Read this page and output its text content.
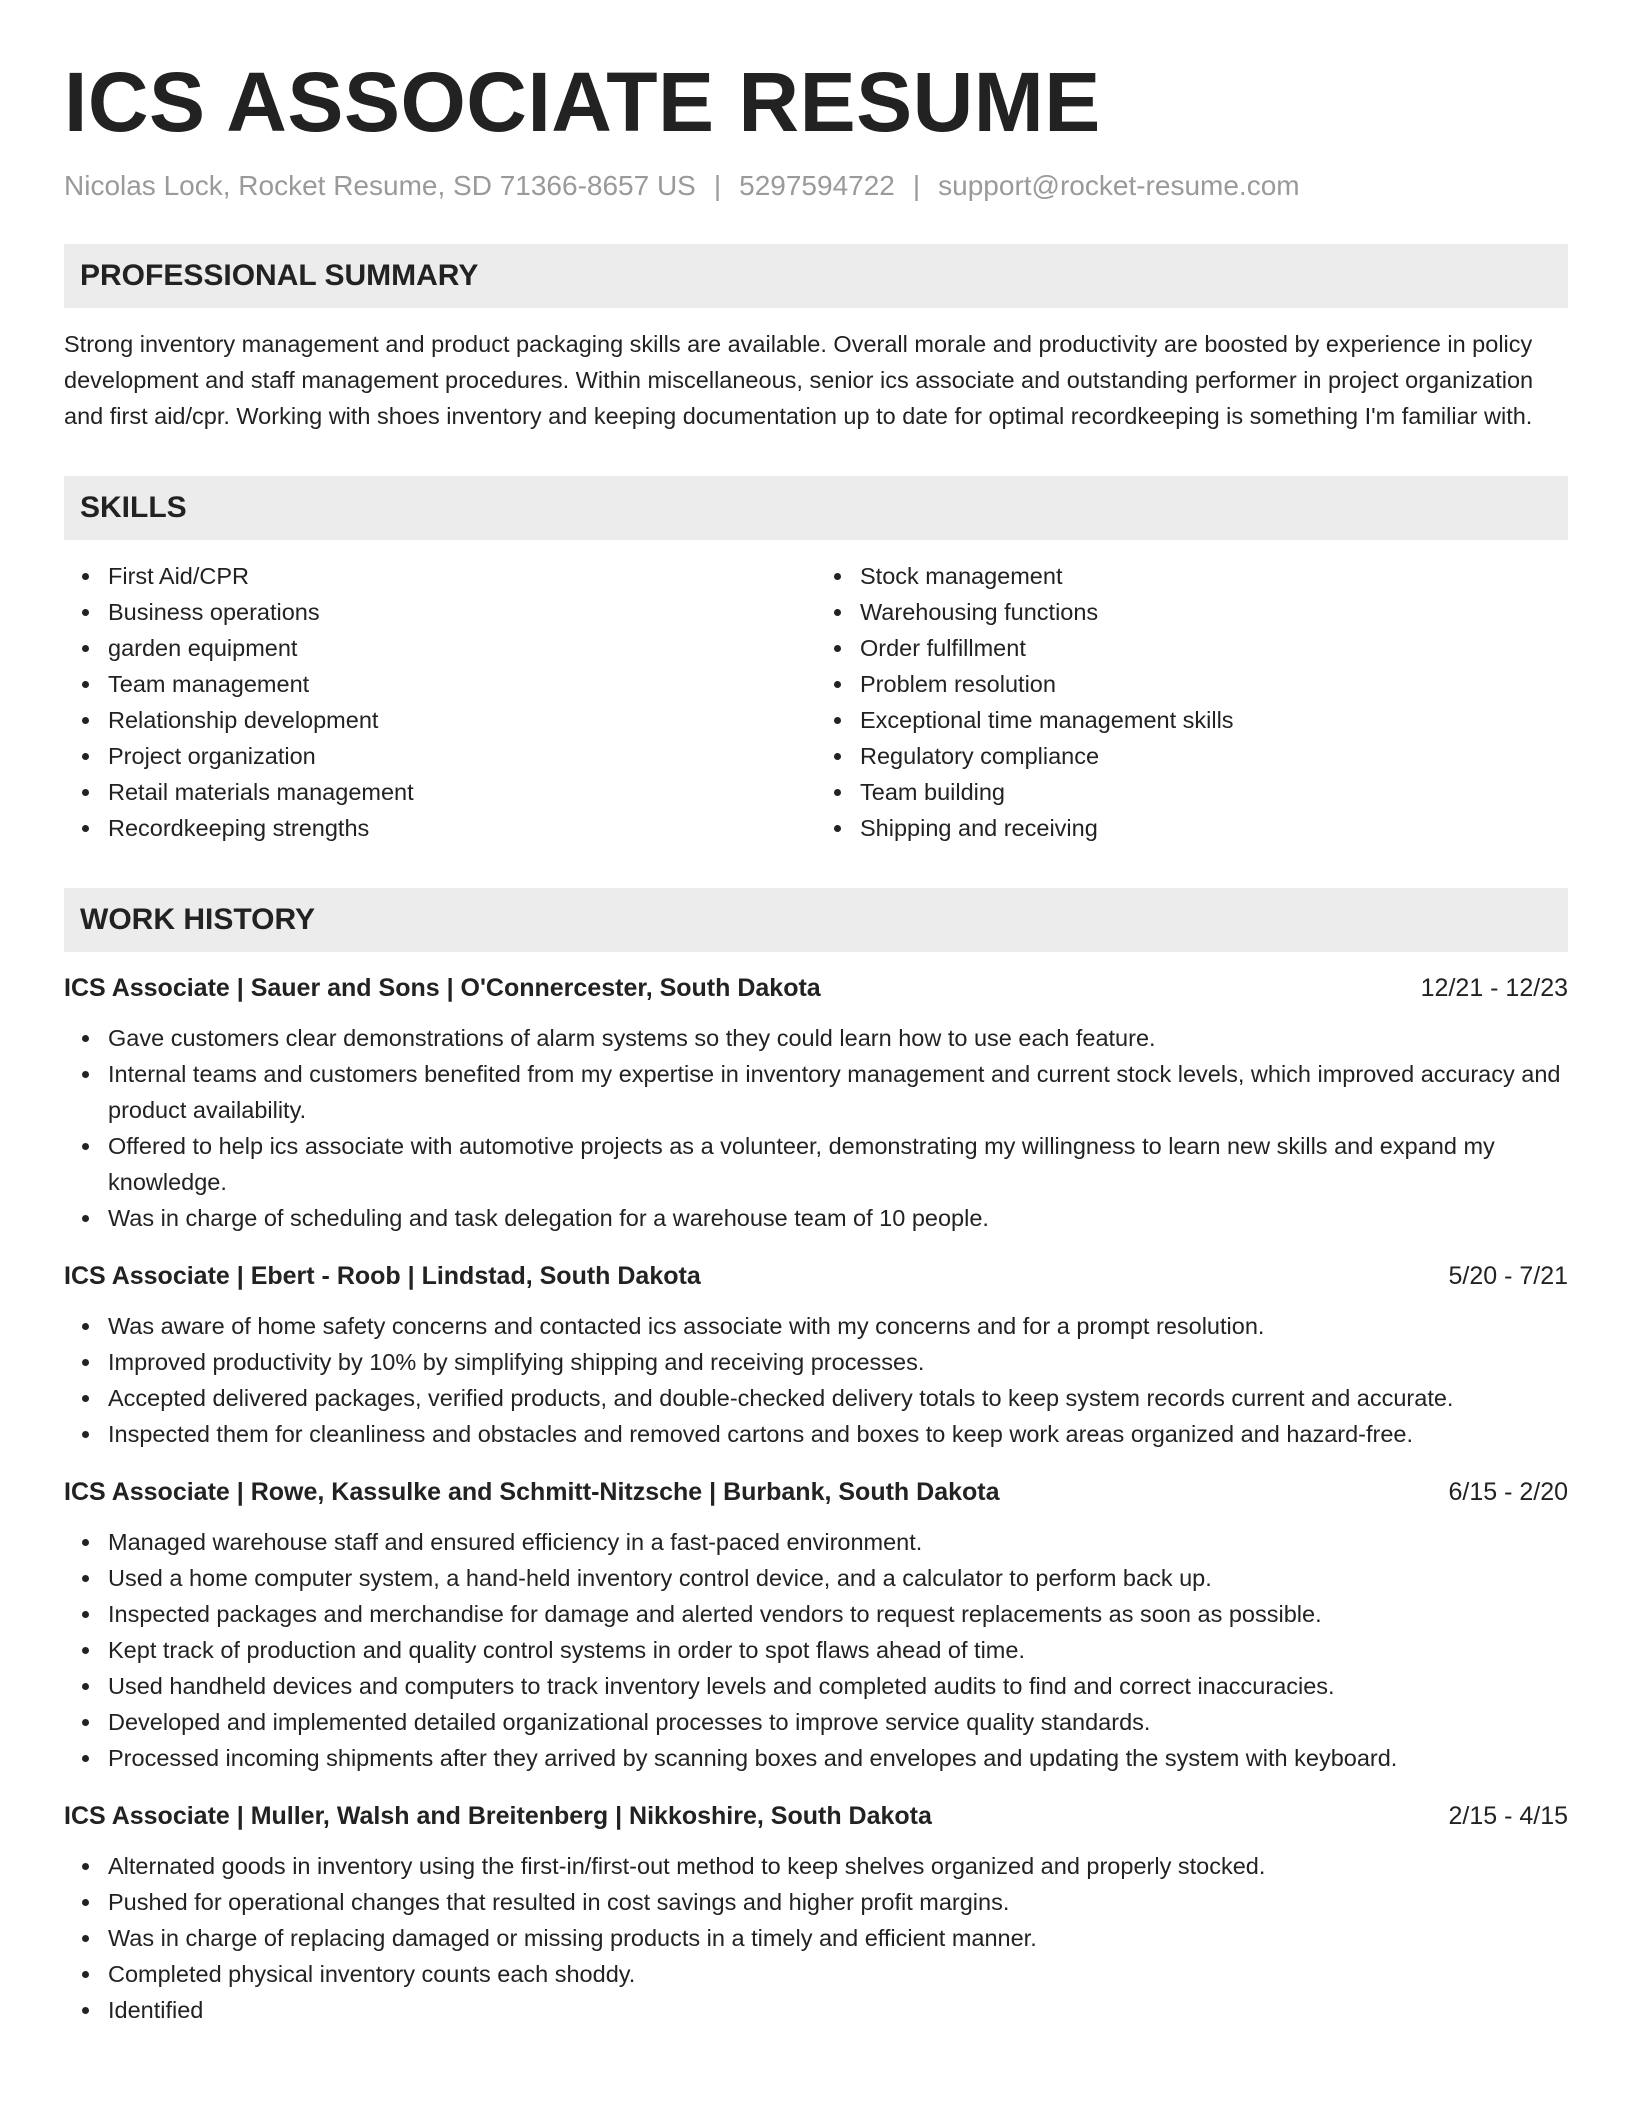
ICS ASSOCIATE RESUME
Nicolas Lock, Rocket Resume, SD 71366-8657 US | 5297594722 | support@rocket-resume.com
PROFESSIONAL SUMMARY
Strong inventory management and product packaging skills are available. Overall morale and productivity are boosted by experience in policy development and staff management procedures. Within miscellaneous, senior ics associate and outstanding performer in project organization and first aid/cpr. Working with shoes inventory and keeping documentation up to date for optimal recordkeeping is something I'm familiar with.
SKILLS
First Aid/CPR
Business operations
garden equipment
Team management
Relationship development
Project organization
Retail materials management
Recordkeeping strengths
Stock management
Warehousing functions
Order fulfillment
Problem resolution
Exceptional time management skills
Regulatory compliance
Team building
Shipping and receiving
WORK HISTORY
ICS Associate | Sauer and Sons | O'Connercester, South Dakota	12/21 - 12/23
Gave customers clear demonstrations of alarm systems so they could learn how to use each feature.
Internal teams and customers benefited from my expertise in inventory management and current stock levels, which improved accuracy and product availability.
Offered to help ics associate with automotive projects as a volunteer, demonstrating my willingness to learn new skills and expand my knowledge.
Was in charge of scheduling and task delegation for a warehouse team of 10 people.
ICS Associate | Ebert - Roob | Lindstad, South Dakota	5/20 - 7/21
Was aware of home safety concerns and contacted ics associate with my concerns and for a prompt resolution.
Improved productivity by 10% by simplifying shipping and receiving processes.
Accepted delivered packages, verified products, and double-checked delivery totals to keep system records current and accurate.
Inspected them for cleanliness and obstacles and removed cartons and boxes to keep work areas organized and hazard-free.
ICS Associate | Rowe, Kassulke and Schmitt-Nitzsche | Burbank, South Dakota	6/15 - 2/20
Managed warehouse staff and ensured efficiency in a fast-paced environment.
Used a home computer system, a hand-held inventory control device, and a calculator to perform back up.
Inspected packages and merchandise for damage and alerted vendors to request replacements as soon as possible.
Kept track of production and quality control systems in order to spot flaws ahead of time.
Used handheld devices and computers to track inventory levels and completed audits to find and correct inaccuracies.
Developed and implemented detailed organizational processes to improve service quality standards.
Processed incoming shipments after they arrived by scanning boxes and envelopes and updating the system with keyboard.
ICS Associate | Muller, Walsh and Breitenberg | Nikkoshire, South Dakota	2/15 - 4/15
Alternated goods in inventory using the first-in/first-out method to keep shelves organized and properly stocked.
Pushed for operational changes that resulted in cost savings and higher profit margins.
Was in charge of replacing damaged or missing products in a timely and efficient manner.
Completed physical inventory counts each shoddy.
Identified
